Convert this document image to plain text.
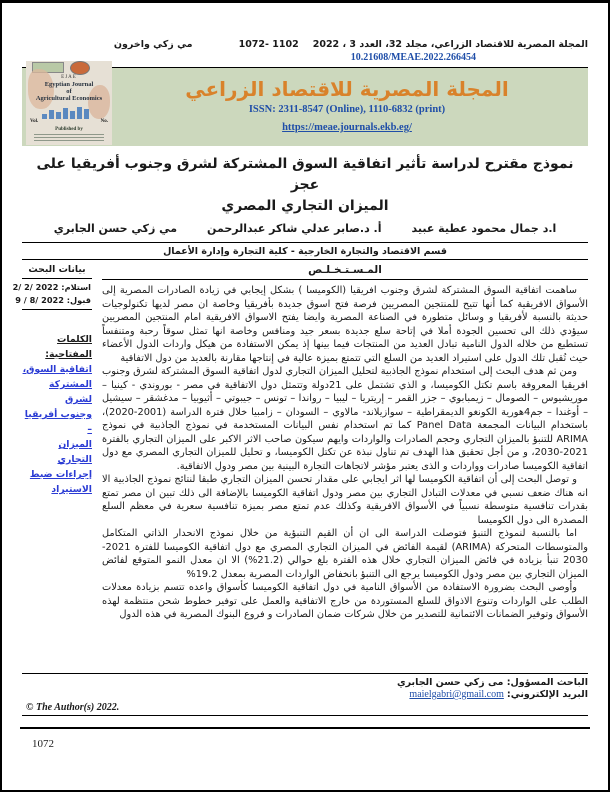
المجلة المصرية للاقتصاد الزراعي، مجلد 32، العدد 3 ، 2022
1072- 1102
مي زكي واخرون
10.21608/MEAE.2022.266454
EJAE
Egyptian Journal
of
Agricultural Economics
Vol.	No.
Published by
المجلة المصرية للاقتصاد الزراعي
ISSN: 2311-8547 (Online), 1110-6832 (print)
https://meae.journals.ekb.eg/
نموذج مقترح لدراسة تأثير اتفاقية السوق المشتركة لشرق وجنوب أفريقيا على عجز
الميزان التجاري المصري
ا.د جمال محمود عطية عبيد
أ. د.صابر عدلي شاكر عبدالرحمن
مي زكي حسن الجابري
قسم الاقتصاد والتجارة الخارجية - كلية التجارة وإدارة الأعمال
المـسـتـخـلـص

ساهمت اتفاقية السوق المشتركة لشرق وجنوب افريقيا (الكوميسا ) بشكل إيجابي في زيادة الصادرات المصرية إلى الأسواق الافريقية كما أنها تتيح للمنتجين المصريين فرصة فتح اسوق جديدة بأفريقيا وخاصة ان مصر لديها تكنولوجيات حديثة بالنسبة لأفريقيا و وسائل متطورة في الصناعة المصرية وايضا يفتح الاسواق الافريقية امام المنتجين المصريين سيؤدي ذلك الى تحسين الجودة أملا في إتاحة سلع جديدة بسعر جيد ومنافس وخاصة انها تمثل سوقاً رحبة ومتنفساً تستطيع من خلاله الدول النامية تبادل العديد من المنتجات فيما بينها إذ يمكن الاستفادة من هيكل واردات الدول الأعضاء حيث تُقبل تلك الدول على استيراد العديد من السلع التي تتمتع بميزة عالية في إنتاجها مقارنة بالعديد من دول الاتفاقية

ومن ثم هدف البحث إلى استخدام نموذج الجاذبية لتحليل الميزان التجاري لدول اتفاقية السوق المشتركة لشرق وجنوب افريقيا المعروفة باسم تكتل الكوميسا، و الذي تشتمل على 21دولة وتتمثل دول الاتفاقية في مصر - بوروندي - كينيا – موريشيوس – الصومال – زيمبابوي – جزر القمر – إريتريا – ليبيا – رواندا – تونس – جيبوتي – أثيوبيا – مدغشقر – سيشيل – أوغندا – جم4هورية الكونغو الديمقراطية – سوازيلاند- مالاوي – السودان – زامبيا خلال فترة الدراسة (2001-2020)، باستخدام البيانات المجمعة Panel Data كما تم استخدام نفس البيانات المستخدمة في نموذج الجاذبية في نموذج ARIMA للتنبؤ بالميزان التجاري وحجم الصادرات والواردات وايهم سيكون صاحب الاثر الاكبر على الميزان التجاري بالفترة 2021-2030، و من أجل تحقيق هذا الهدف تم تناول نبذة عن تكتل الكوميسا، و تحليل للميزان التجاري المصري مع دول اتفاقية الكوميسا صادرات وواردات و الذى يعتبر مؤشر لاتجاهات التجارة البينية بين مصر ودول الاتفاقية.

و توصل البحث إلى أن اتفاقية الكوميسا لها اثر ايجابي على مقدار تحسن الميزان التجاري طبقا لنتائج نموذج الجاذبية الا انه هناك ضعف نسبي في معدلات التبادل التجاري بين مصر ودول اتفاقية الكوميسا بالإضافة الى ذلك تبين ان مصر تمتع بقدرات تنافسية متوسطة نسبياً في الأسواق الافريقية وكذلك عدم تمتع مصر بميزة تنافسية سعرية في معظم السلع المصدرة الى دول الكوميسا

اما بالنسبة لنموذج التنبؤ فتوصلت الدراسة الى ان أن القيم التنبؤية من خلال نموذج الانحدار الذاتي المتكامل والمتوسطات المتحركة (ARIMA) لقيمة الفائض في الميزان التجاري المصري مع دول اتفاقية الكوميسا للفترة 2021-2030 تنبأ بزيادة في فائض الميزان التجاري خلال هذه الفترة بلغ حوالي (21.2%) الا ان معدل النمو المتوقع لفائض الميزان التجاري بين مصر ودول الكوميسا يرجع الى التنبؤ بانخفاض الواردات المصرية بمعدل 19.2%

وأوصى البحث بضرورة الاستفادة من الأسواق النامية في دول اتفاقية الكوميسا كأسواق واعده تتسم بزيادة معدلات الطلب على الواردات وتنوع الاذواق للسلع المستوردة من خارج الاتفاقية والعمل على توفير خطوط شحن منتظمة لهذه الأسواق وتوفير الضمانات الائتمانية للتصدير من خلال شركات ضمان الصادرات و فروع البنوك المصرية في هذه الدول

بيانات البحث
استلام: 2/ 2/ 2022
قبول: 9 / 8/ 2022
الكلمات
المفتاحية:
اتفاقية السوق،
المشتركة لشرق
وجنوب أفريقيا –
الميزان التجاري
إجراءات ضبط
الاستيراد
الباحث المسؤول: مى زكي حسن الجابري
البريد الإلكتروني: maielgabri@gmail.com
© The Author(s) 2022.
1072
